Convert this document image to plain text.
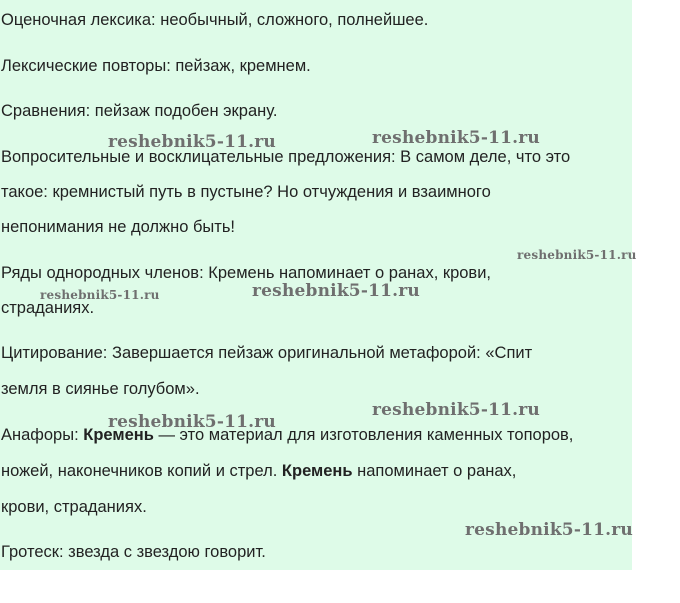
Оценочная лексика: необычный, сложного, полнейшее.

Лексические повторы: пейзаж, кремнем.

Сравнения: пейзаж подобен экрану.

Вопросительные и восклицательные предложения: В самом деле, что это

такое: кремнистый путь в пустыне? Но отчуждения и взаимного

непонимания не должно быть!

Ряды однородных членов: Кремень напоминает о ранах, крови,

страданиях.

Цитирование: Завершается пейзаж оригинальной метафорой: «Спит

земля в сиянье голубом».

Анафоры: Кремень — это материал для изготовления каменных топоров,

ножей, наконечников копий и стрел. Кремень напоминает о ранах,

крови, страданиях.

Гротеск: звезда с звездою говорит.

reshebnik5-11.ru	reshebnik5-11.ru
reshebnik5-11.ru
reshebnik5-11.ru	reshebnik5-11.ru
reshebnik5-11.ru
reshebnik5-11.ru
reshebnik5-11.ru
